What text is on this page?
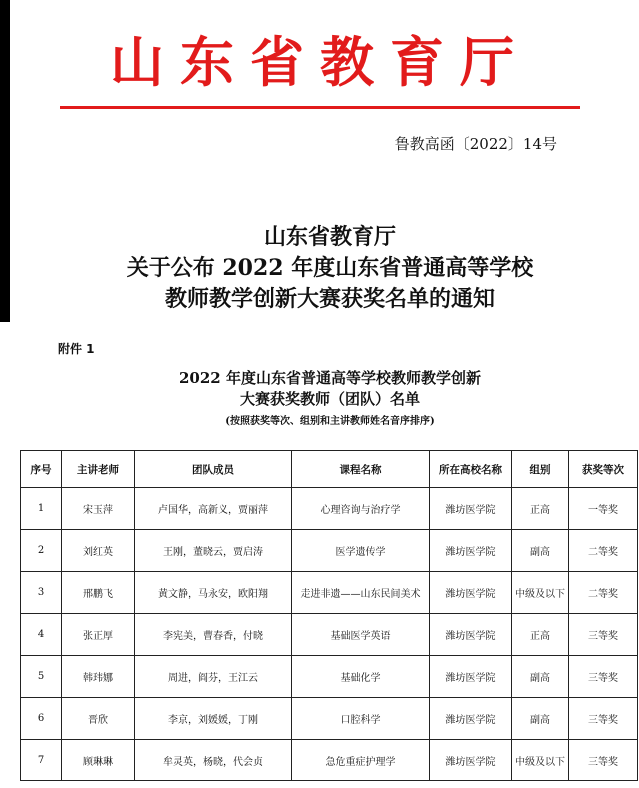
山东省教育厅
鲁教高函〔2022〕14号
山东省教育厅
关于公布 2022 年度山东省普通高等学校
教师教学创新大赛获奖名单的通知
附件 1
2022 年度山东省普通高等学校教师教学创新
大赛获奖教师（团队）名单
(按照获奖等次、组别和主讲教师姓名音序排序)
序号	主讲老师	团队成员	课程名称	所在高校名称	组别	获奖等次
1	宋玉萍	卢国华，高新义，贾丽萍	心理咨询与治疗学	潍坊医学院	正高	一等奖
2	刘红英	王刚，董晓云，贾启涛	医学遗传学	潍坊医学院	副高	二等奖
3	邢鹏飞	黄文静，马永安，欧阳翔	走进非遗——山东民间美术	潍坊医学院	中级及以下	二等奖
4	张正厚	李宪美，曹春香，付晓	基础医学英语	潍坊医学院	正高	三等奖
5	韩玮娜	周进，阎芬，王江云	基础化学	潍坊医学院	副高	三等奖
6	晋欣	李京，刘媛媛，丁刚	口腔科学	潍坊医学院	副高	三等奖
7	顾琳琳	牟灵英，杨晓，代会贞	急危重症护理学	潍坊医学院	中级及以下	三等奖
